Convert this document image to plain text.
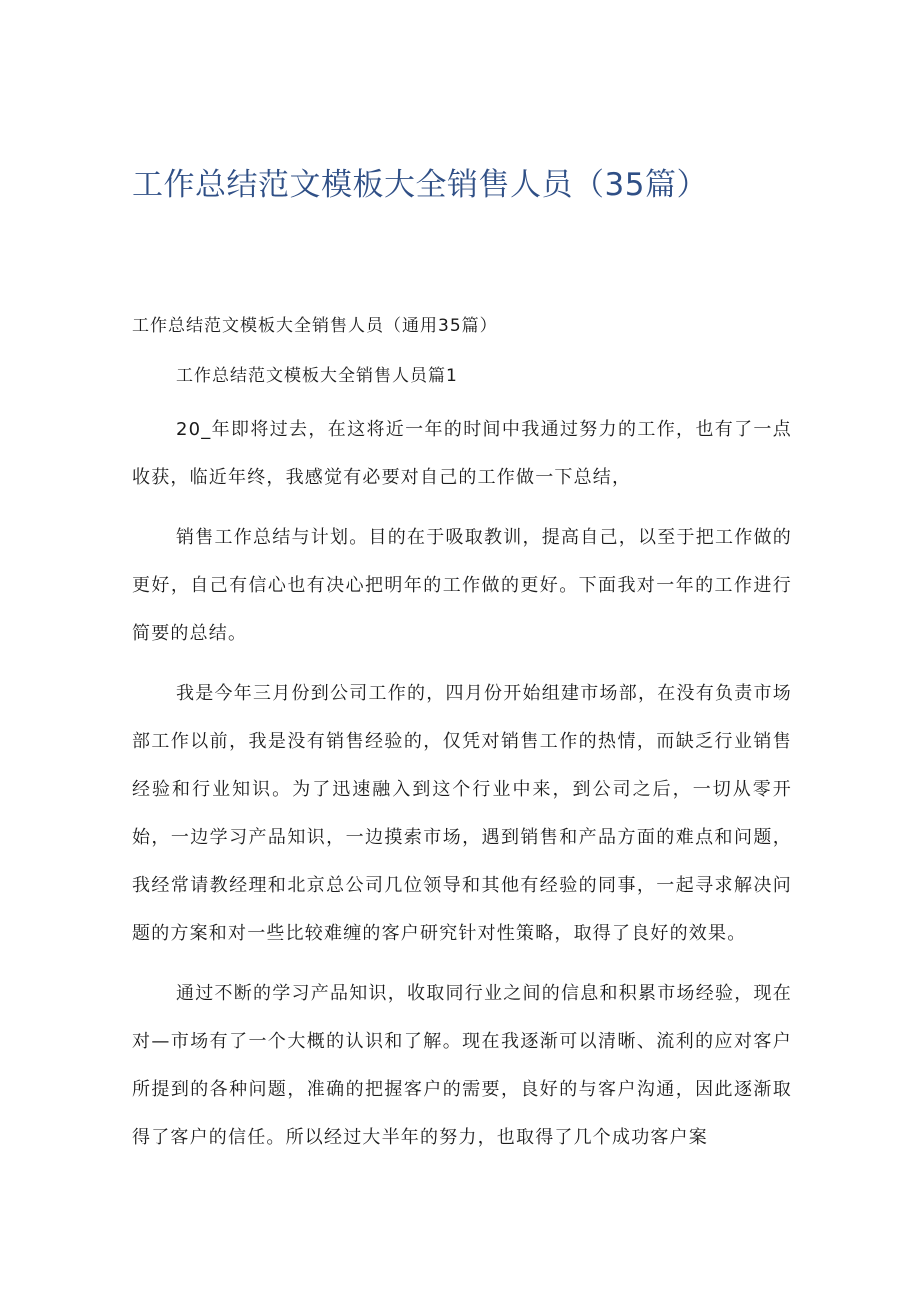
工作总结范文模板大全销售人员（35篇）
工作总结范文模板大全销售人员（通用35篇）
工作总结范文模板大全销售人员篇1

20_年即将过去，在这将近一年的时间中我通过努力的工作，也有了一点收获，临近年终，我感觉有必要对自己的工作做一下总结，

销售工作总结与计划。目的在于吸取教训，提高自己，以至于把工作做的更好，自己有信心也有决心把明年的工作做的更好。下面我对一年的工作进行简要的总结。

我是今年三月份到公司工作的，四月份开始组建市场部，在没有负责市场部工作以前，我是没有销售经验的，仅凭对销售工作的热情，而缺乏行业销售经验和行业知识。为了迅速融入到这个行业中来，到公司之后，一切从零开始，一边学习产品知识，一边摸索市场，遇到销售和产品方面的难点和问题，我经常请教经理和北京总公司几位领导和其他有经验的同事，一起寻求解决问题的方案和对一些比较难缠的客户研究针对性策略，取得了良好的效果。

通过不断的学习产品知识，收取同行业之间的信息和积累市场经验，现在对—市场有了一个大概的认识和了解。现在我逐渐可以清晰、流利的应对客户所提到的各种问题，准确的把握客户的需要，良好的与客户沟通，因此逐渐取得了客户的信任。所以经过大半年的努力，也取得了几个成功客户案
